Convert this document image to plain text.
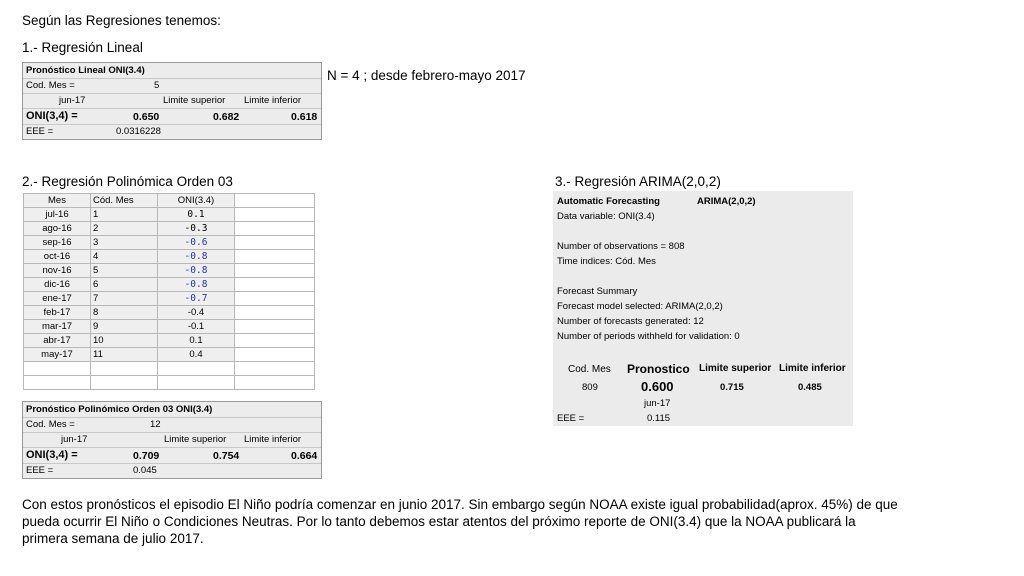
Según las Regresiones tenemos:
1.- Regresión Lineal
N = 4 ; desde febrero-mayo 2017
Pronóstico Lineal ONI(3.4)
Cod. Mes =	5
jun-17	Limite superior Limite inferior
ONI(3,4) =	0.650	0.682	0.618
EEE =	0.0316228
2.- Regresión Polinómica Orden 03
Mes	Cód. Mes	ONI(3.4)	
jul-16	1	0.1	
ago-16	2	-0.3	
sep-16	3	-0.6	
oct-16	4	-0.8	
nov-16	5	-0.8	
dic-16	6	-0.8	
ene-17	7	-0.7	
feb-17	8	-0.4	
mar-17	9	-0.1	
abr-17	10	0.1	
may-17	11	0.4	

Pronóstico Polinómico Orden 03 ONI(3.4)
Cod. Mes =	12
jun-17	Limite superior Limite inferior
ONI(3,4) =	0.709	0.754	0.664
EEE =	0.045
3.- Regresión ARIMA(2,0,2)
Automatic Forecasting	ARIMA(2,0,2)
Data variable: ONI(3.4)
Number of observations = 808
Time indices: Cód. Mes
Forecast Summary
Forecast model selected: ARIMA(2,0,2)
Number of forecasts generated: 12
Number of periods withheld for validation: 0
Cod. Mes Pronostico Limite superior Limite inferior
809	0.600	0.715	0.485
jun-17
EEE =	0.115
Con estos pronósticos el episodio El Niño podría comenzar en junio 2017. Sin embargo según NOAA existe igual probabilidad(aprox. 45%) de que pueda ocurrir El Niño o Condiciones Neutras. Por lo tanto debemos estar atentos del próximo reporte de ONI(3.4) que la NOAA publicará la primera semana de julio 2017.
